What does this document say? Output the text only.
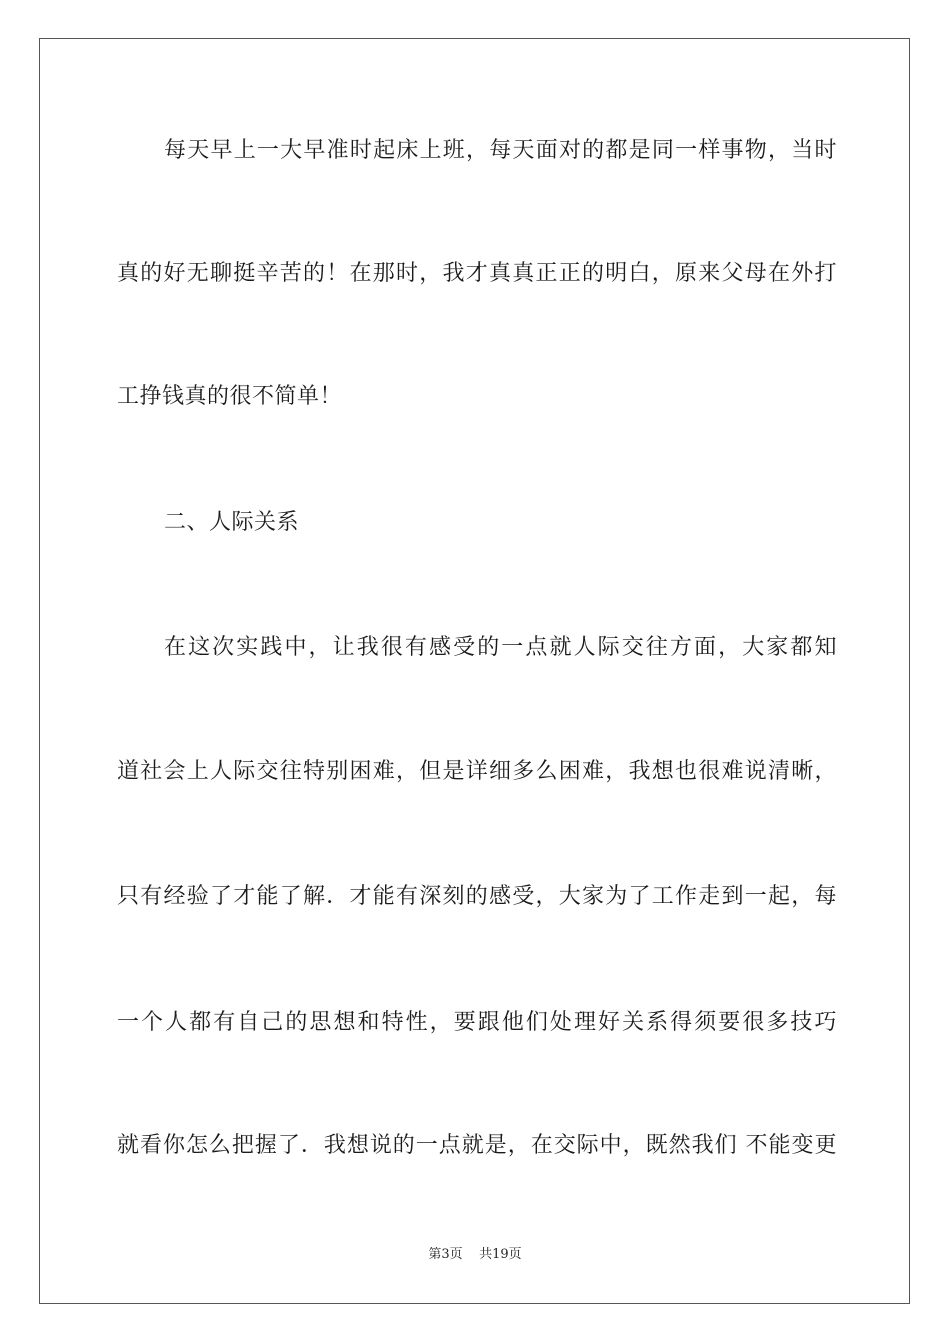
每天早上一大早准时起床上班，每天面对的都是同一样事物，当时
真的好无聊挺辛苦的！在那时，我才真真正正的明白，原来父母在外打
工挣钱真的很不简单！
二、人际关系
在这次实践中，让我很有感受的一点就人际交往方面，大家都知
道社会上人际交往特别困难，但是详细多么困难，我想也很难说清晰，
只有经验了才能了解．才能有深刻的感受，大家为了工作走到一起，每
一个人都有自己的思想和特性，要跟他们处理好关系得须要很多技巧
就看你怎么把握了．我想说的一点就是，在交际中，既然我们 不能变更
第3页 共19页
